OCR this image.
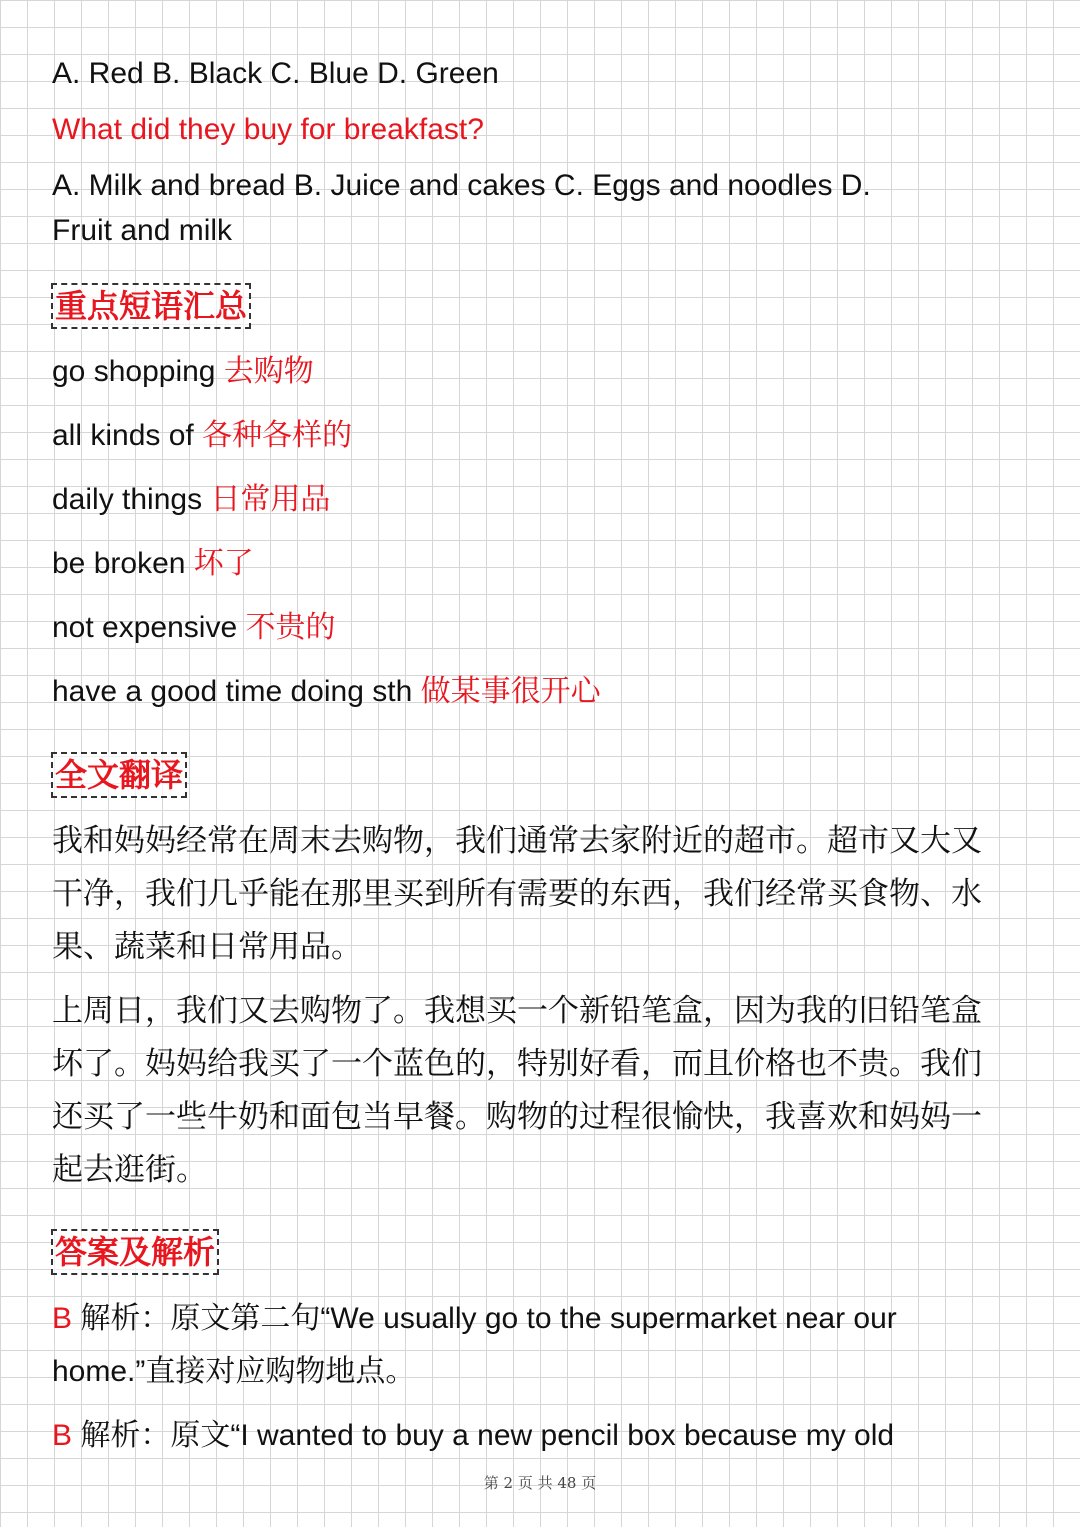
A. Red B. Black C. Blue D. Green
What did they buy for breakfast?
A. Milk and bread B. Juice and cakes C. Eggs and noodles D.
Fruit and milk
重点短语汇总
go shopping 去购物
all kinds of 各种各样的
daily things 日常用品
be broken 坏了
not expensive 不贵的
have a good time doing sth 做某事很开心
全文翻译
我和妈妈经常在周末去购物，我们通常去家附近的超市。超市又大又干净，我们几乎能在那里买到所有需要的东西，我们经常买食物、水果、蔬菜和日常用品。
上周日，我们又去购物了。我想买一个新铅笔盒，因为我的旧铅笔盒坏了。妈妈给我买了一个蓝色的，特别好看，而且价格也不贵。我们还买了一些牛奶和面包当早餐。购物的过程很愉快，我喜欢和妈妈一起去逛街。
答案及解析
B 解析：原文第二句“We usually go to the supermarket near our home.”直接对应购物地点。
B 解析：原文“I wanted to buy a new pencil box because my old
第 2 页 共 48 页
